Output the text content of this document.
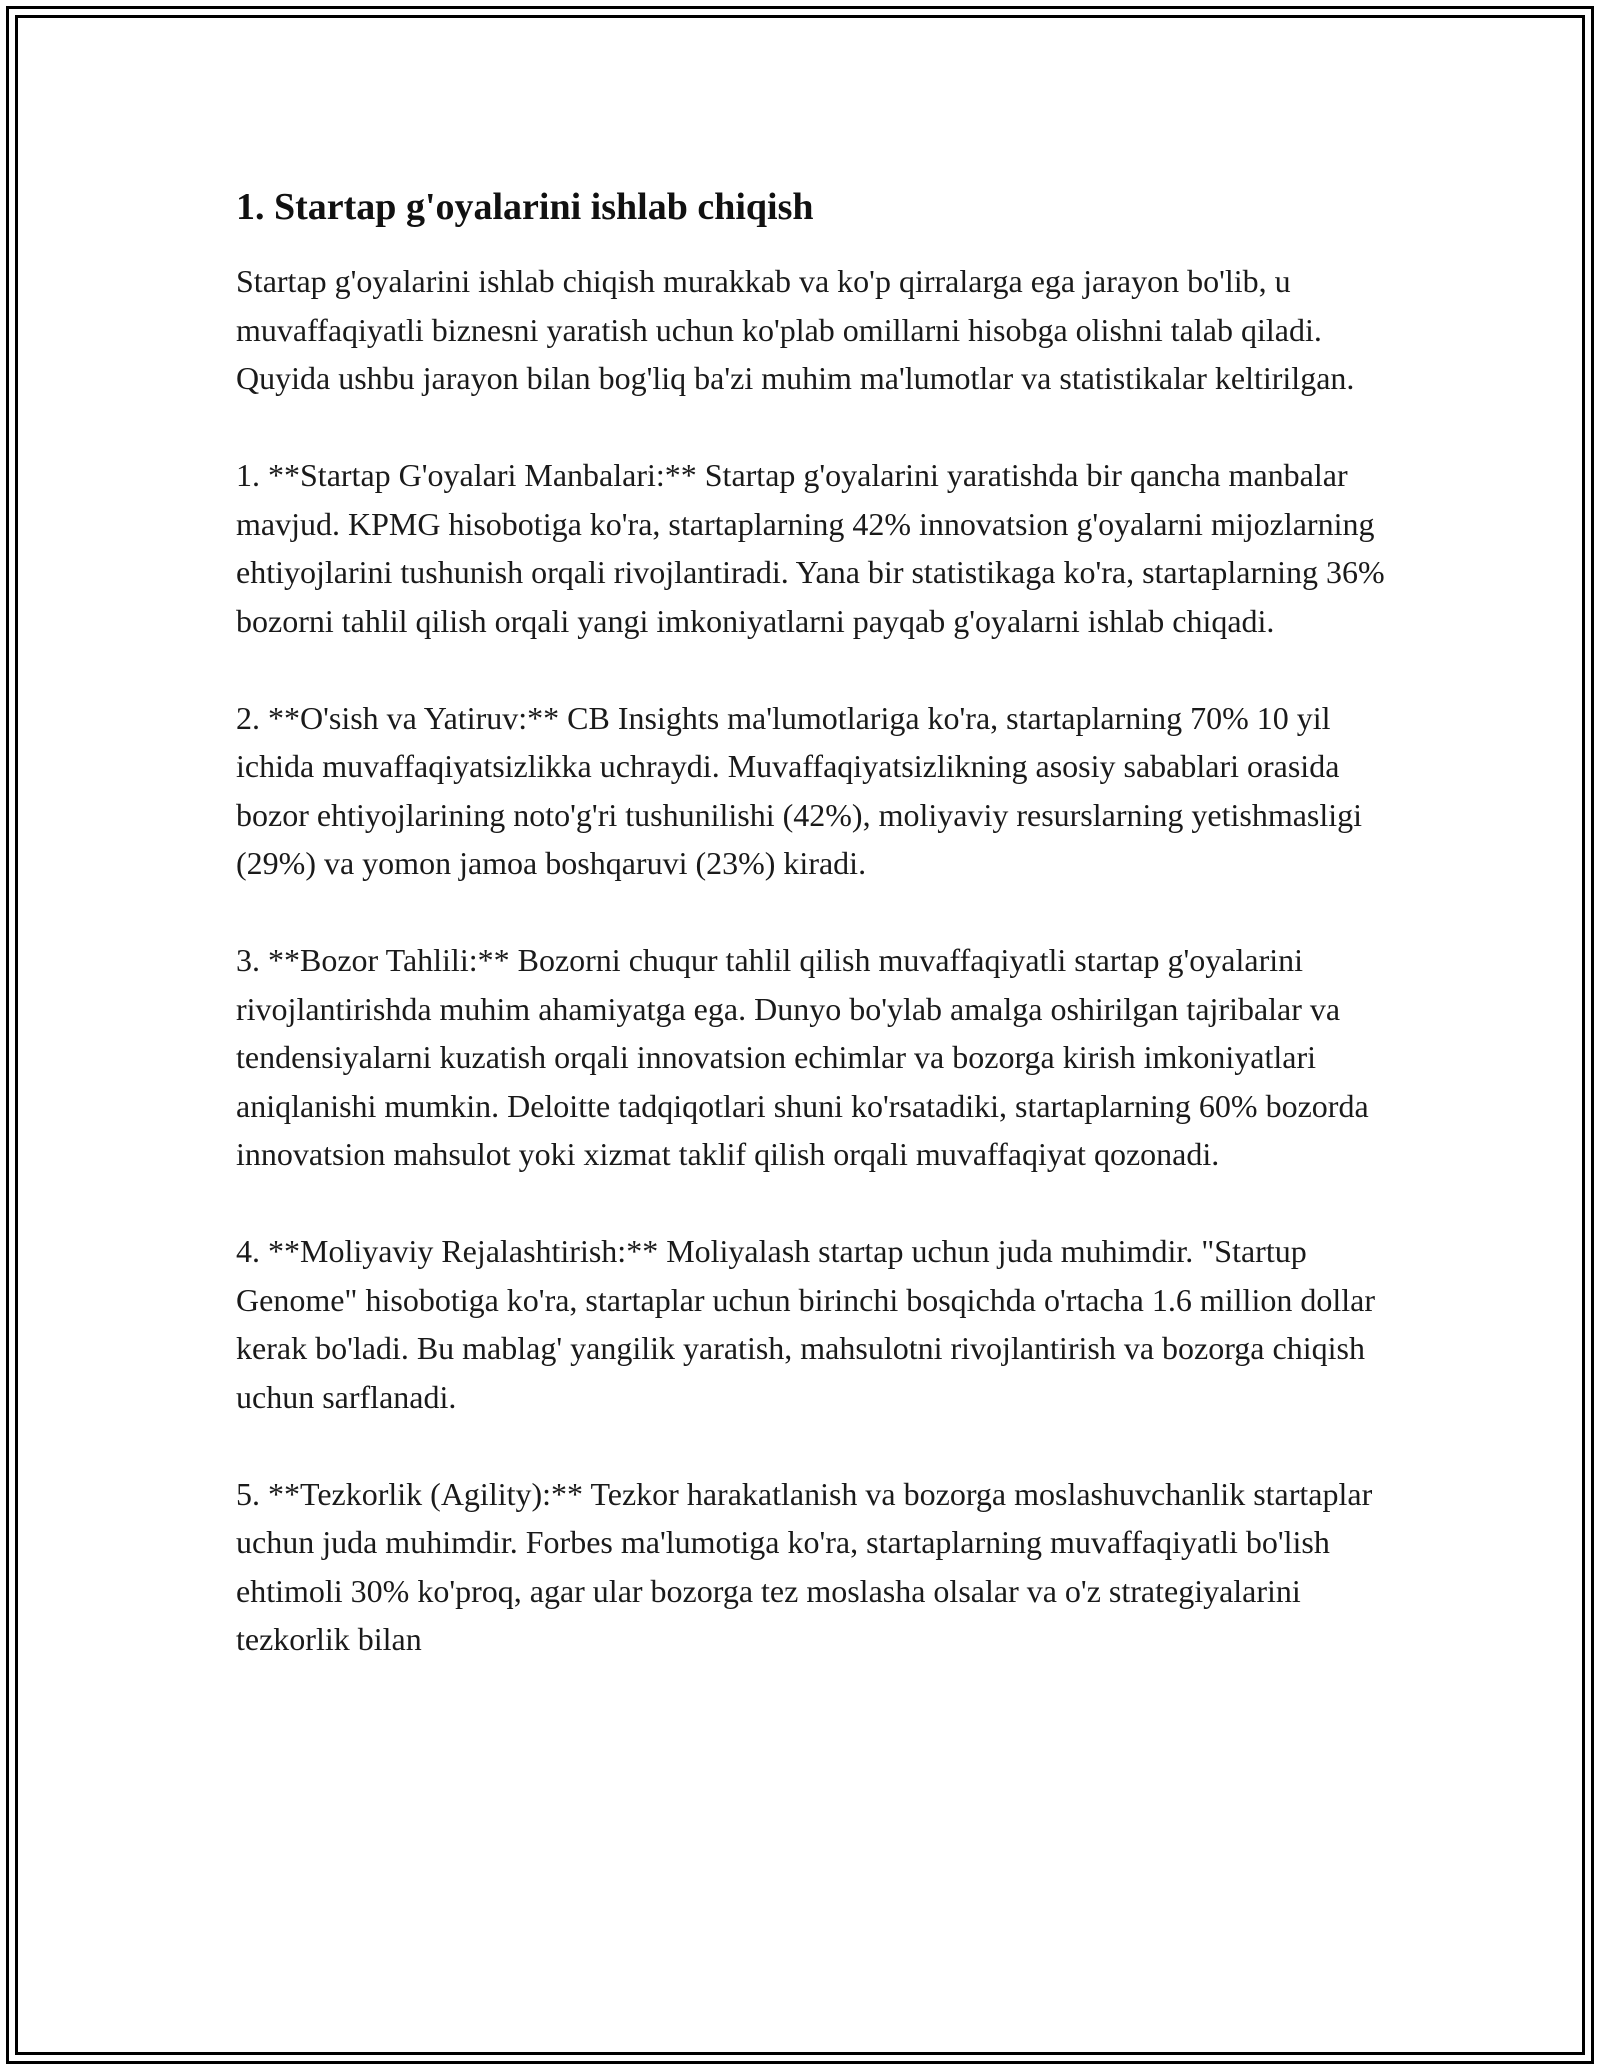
1. Startap g'oyalarini ishlab chiqish

Startap g'oyalarini ishlab chiqish murakkab va ko'p qirralarga ega jarayon bo'lib, u muvaffaqiyatli biznesni yaratish uchun ko'plab omillarni hisobga olishni talab qiladi. Quyida ushbu jarayon bilan bog'liq ba'zi muhim ma'lumotlar va statistikalar keltirilgan.

1. **Startap G'oyalari Manbalari:** Startap g'oyalarini yaratishda bir qancha manbalar mavjud. KPMG hisobotiga ko'ra, startaplarning 42% innovatsion g'oyalarni mijozlarning ehtiyojlarini tushunish orqali rivojlantiradi. Yana bir statistikaga ko'ra, startaplarning 36% bozorni tahlil qilish orqali yangi imkoniyatlarni payqab g'oyalarni ishlab chiqadi.

2. **O'sish va Yatiruv:** CB Insights ma'lumotlariga ko'ra, startaplarning 70% 10 yil ichida muvaffaqiyatsizlikka uchraydi. Muvaffaqiyatsizlikning asosiy sabablari orasida bozor ehtiyojlarining noto'g'ri tushunilishi (42%), moliyaviy resurslarning yetishmasligi (29%) va yomon jamoa boshqaruvi (23%) kiradi.

3. **Bozor Tahlili:** Bozorni chuqur tahlil qilish muvaffaqiyatli startap g'oyalarini rivojlantirishda muhim ahamiyatga ega. Dunyo bo'ylab amalga oshirilgan tajribalar va tendensiyalarni kuzatish orqali innovatsion echimlar va bozorga kirish imkoniyatlari aniqlanishi mumkin. Deloitte tadqiqotlari shuni ko'rsatadiki, startaplarning 60% bozorda innovatsion mahsulot yoki xizmat taklif qilish orqali muvaffaqiyat qozonadi.

4. **Moliyaviy Rejalashtirish:** Moliyalash startap uchun juda muhimdir. "Startup Genome" hisobotiga ko'ra, startaplar uchun birinchi bosqichda o'rtacha 1.6 million dollar kerak bo'ladi. Bu mablag' yangilik yaratish, mahsulotni rivojlantirish va bozorga chiqish uchun sarflanadi.

5. **Tezkorlik (Agility):** Tezkor harakatlanish va bozorga moslashuvchanlik startaplar uchun juda muhimdir. Forbes ma'lumotiga ko'ra, startaplarning muvaffaqiyatli bo'lish ehtimoli 30% ko'proq, agar ular bozorga tez moslasha olsalar va o'z strategiyalarini tezkorlik bilan
